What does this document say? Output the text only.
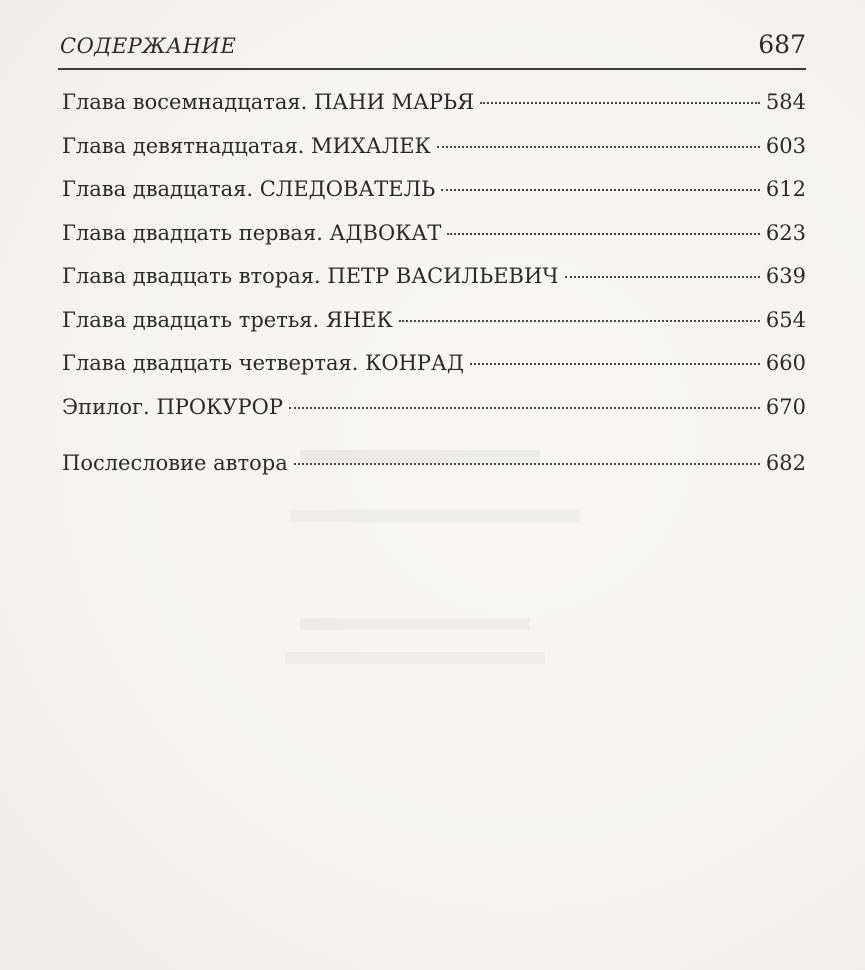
СОДЕРЖАНИЕ	687
Глава восемнадцатая. ПАНИ МАРЬЯ	584
Глава девятнадцатая. МИХАЛЕК	603
Глава двадцатая. СЛЕДОВАТЕЛЬ	612
Глава двадцать первая. АДВОКАТ	623
Глава двадцать вторая. ПЕТР ВАСИЛЬЕВИЧ	639
Глава двадцать третья. ЯНЕК	654
Глава двадцать четвертая. КОНРАД	660
Эпилог. ПРОКУРОР	670
Послесловие автора	682
